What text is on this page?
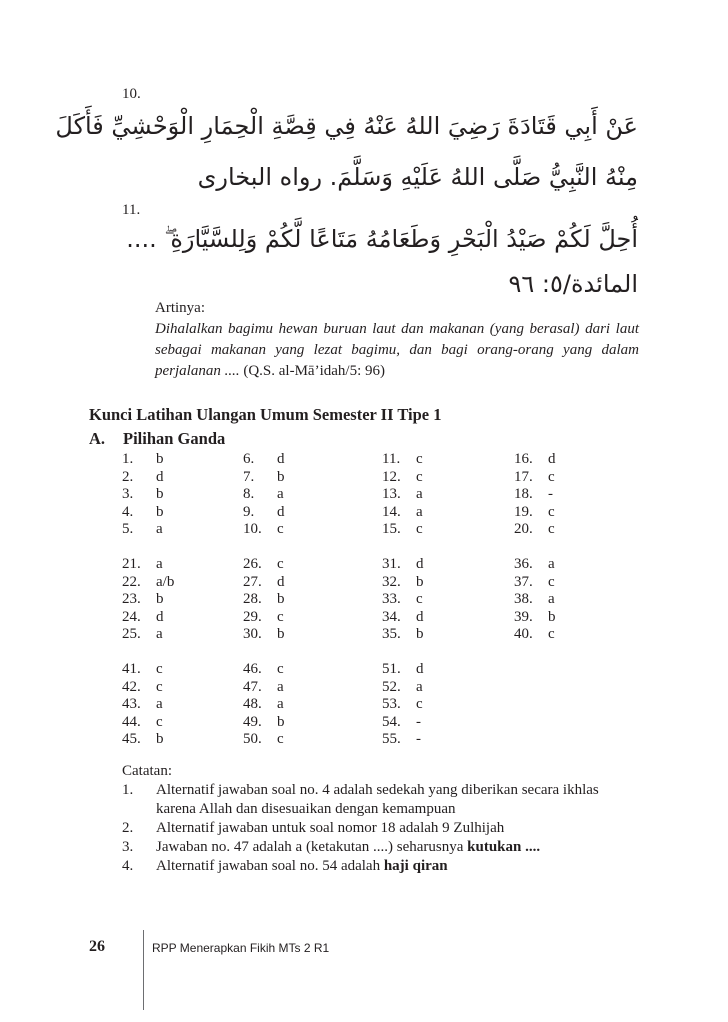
10.
11.
عَنْ أَبِي قَتَادَةَ رَضِيَ اللهُ عَنْهُ فِي قِصَّةِ الْحِمَارِ الْوَحْشِيِّ فَأَكَلَ
مِنْهُ النَّبِيُّ صَلَّى اللهُ عَلَيْهِ وَسَلَّمَ. رواه البخارى
أُحِلَّ لَكُمْ صَيْدُ الْبَحْرِ وَطَعَامُهُ مَتَاعًا لَّكُمْ وَلِلسَّيَّارَةِ ۖ ....
المائدة/٥: ٩٦

Artinya:

Dihalalkan bagimu hewan buruan laut dan makanan (yang berasal) dari laut sebagai makanan yang lezat bagimu, dan bagi orang-orang yang dalam perjalanan .... (Q.S. al-Mā’idah/5: 96)

Kunci Latihan Ulangan Umum Semester II Tipe 1
A. Pilihan Ganda
1. b
2. d
3. b
4. b
5. a
21. a
22. a/b
23. b
24. d
25. a
41. c
42. c
43. a
44. c
45. b
6. d
7. b
8. a
9. d
10. c
26. c
27. d
28. b
29. c
30. b
46. c
47. a
48. a
49. b
50. c
11. c
12. c
13. a
14. a
15. c
31. d
32. b
33. c
34. d
35. b
51. d
52. a
53. c
54. -
55. -
16. d
17. c
18. -
19. c
20. c
36. a
37. c
38. a
39. b
40. c
Catatan:
1. Alternatif jawaban soal no. 4 adalah sedekah yang diberikan secara ikhlas karena Allah dan disesuaikan dengan kemampuan
2. Alternatif jawaban untuk soal nomor 18 adalah 9 Zulhijah
3. Jawaban no. 47 adalah a (ketakutan ....) seharusnya kutukan ....
4. Alternatif jawaban soal no. 54 adalah haji qiran
26	RPP Menerapkan Fikih MTs 2 R1
